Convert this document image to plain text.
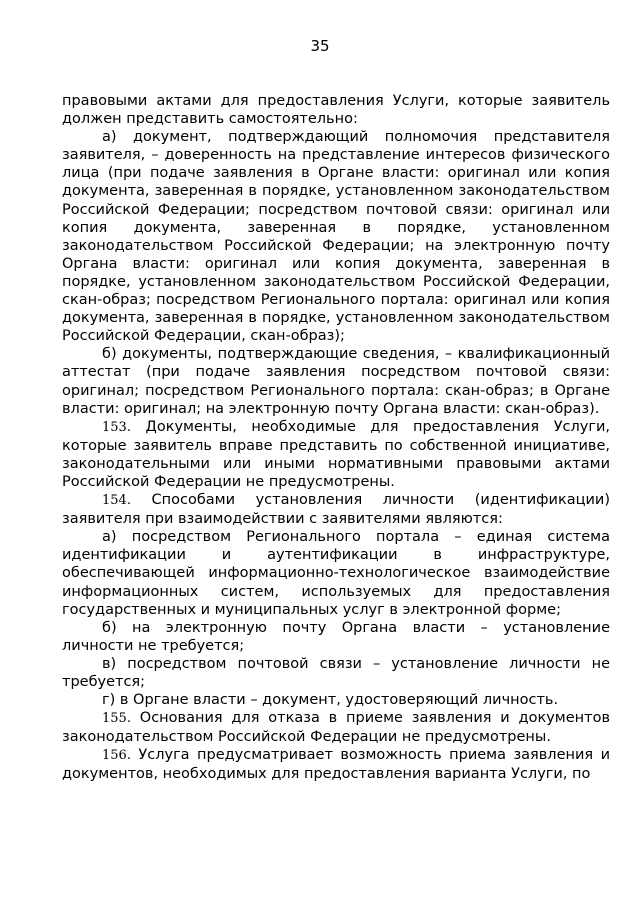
35

правовыми актами для предоставления Услуги, которые заявитель должен представить самостоятельно:

а) документ, подтверждающий полномочия представителя заявителя, – доверенность на представление интересов физического лица (при подаче заявления в Органе власти: оригинал или копия документа, заверенная в порядке, установленном законодательством Российской Федерации; посредством почтовой связи: оригинал или копия документа, заверенная в порядке, установленном законодательством Российской Федерации; на электронную почту Органа власти: оригинал или копия документа, заверенная в порядке, установленном законодательством Российской Федерации, скан-образ; посредством Регионального портала: оригинал или копия документа, заверенная в порядке, установленном законодательством Российской Федерации, скан-образ);

б) документы, подтверждающие сведения, – квалификационный аттестат (при подаче заявления посредством почтовой связи: оригинал; посредством Регионального портала: скан-образ; в Органе власти: оригинал; на электронную почту Органа власти: скан-образ).

153. Документы, необходимые для предоставления Услуги, которые заявитель вправе представить по собственной инициативе, законодательными или иными нормативными правовыми актами Российской Федерации не предусмотрены.

154. Способами установления личности (идентификации) заявителя при взаимодействии с заявителями являются:

а) посредством Регионального портала – единая система идентификации и аутентификации в инфраструктуре, обеспечивающей информационно-технологическое взаимодействие информационных систем, используемых для предоставления государственных и муниципальных услуг в электронной форме;

б) на электронную почту Органа власти – установление личности не требуется;

в) посредством почтовой связи – установление личности не требуется;

г) в Органе власти – документ, удостоверяющий личность.

155. Основания для отказа в приеме заявления и документов законодательством Российской Федерации не предусмотрены.

156. Услуга предусматривает возможность приема заявления и документов, необходимых для предоставления варианта Услуги, по
